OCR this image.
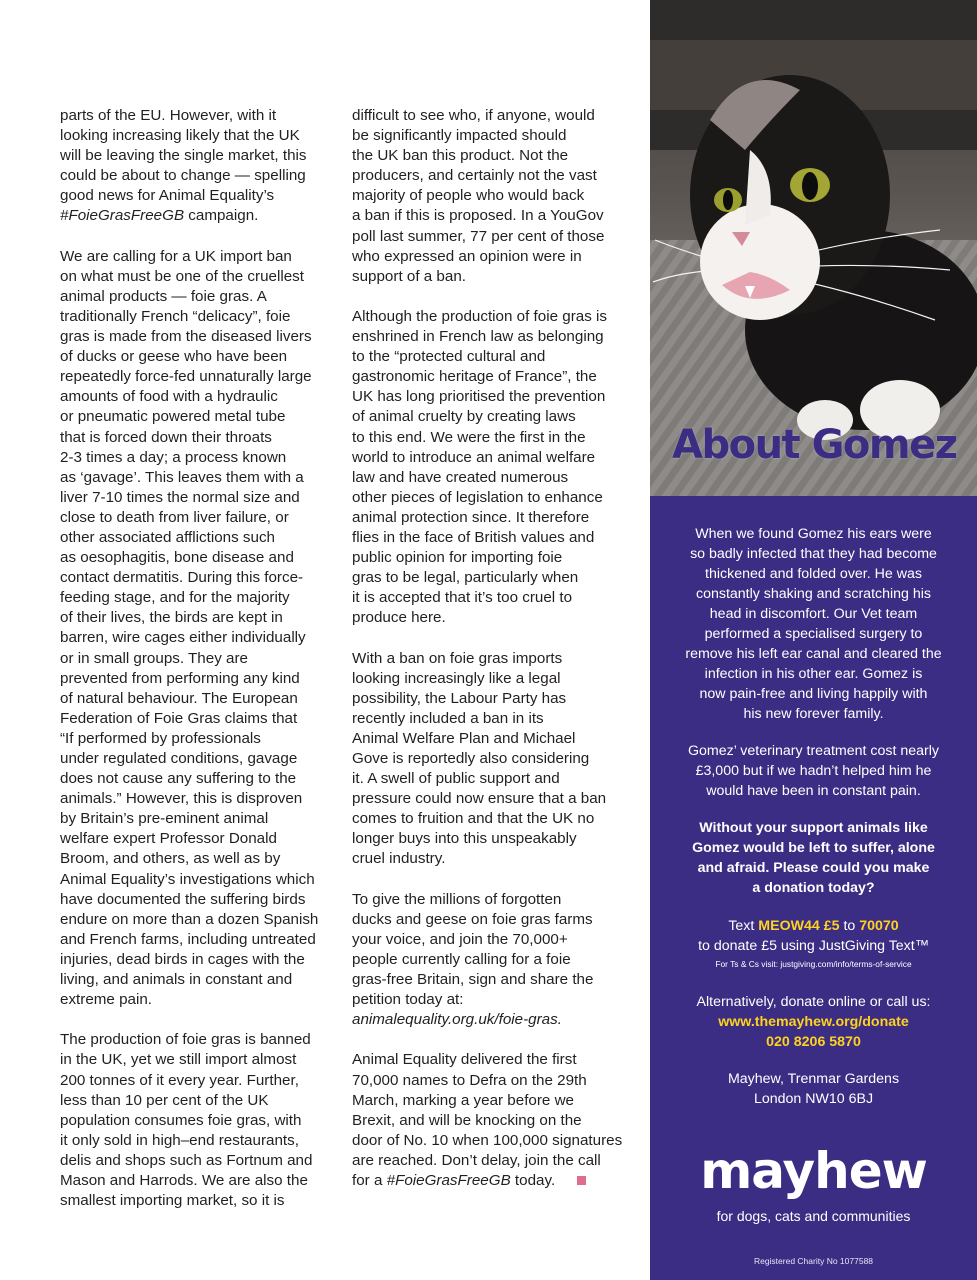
parts of the EU. However, with it
looking increasing likely that the UK
will be leaving the single market, this
could be about to change — spelling
good news for Animal Equality’s
#FoieGrasFreeGB campaign.

We are calling for a UK import ban
on what must be one of the cruellest
animal products — foie gras. A
traditionally French “delicacy”, foie
gras is made from the diseased livers
of ducks or geese who have been
repeatedly force-fed unnaturally large
amounts of food with a hydraulic
or pneumatic powered metal tube
that is forced down their throats
2-3 times a day; a process known
as ‘gavage’. This leaves them with a
liver 7-10 times the normal size and
close to death from liver failure, or
other associated afflictions such
as oesophagitis, bone disease and
contact dermatitis. During this force-
feeding stage, and for the majority
of their lives, the birds are kept in
barren, wire cages either individually
or in small groups. They are
prevented from performing any kind
of natural behaviour. The European
Federation of Foie Gras claims that
“If performed by professionals
under regulated conditions, gavage
does not cause any suffering to the
animals.” However, this is disproven
by Britain’s pre-eminent animal
welfare expert Professor Donald
Broom, and others, as well as by
Animal Equality’s investigations which
have documented the suffering birds
endure on more than a dozen Spanish
and French farms, including untreated
injuries, dead birds in cages with the
living, and animals in constant and
extreme pain.

The production of foie gras is banned
in the UK, yet we still import almost
200 tonnes of it every year. Further,
less than 10 per cent of the UK
population consumes foie gras, with
it only sold in high–end restaurants,
delis and shops such as Fortnum and
Mason and Harrods. We are also the
smallest importing market, so it is

difficult to see who, if anyone, would
be significantly impacted should
the UK ban this product. Not the
producers, and certainly not the vast
majority of people who would back
a ban if this is proposed. In a YouGov
poll last summer, 77 per cent of those
who expressed an opinion were in
support of a ban.

Although the production of foie gras is
enshrined in French law as belonging
to the “protected cultural and
gastronomic heritage of France”, the
UK has long prioritised the prevention
of animal cruelty by creating laws
to this end. We were the first in the
world to introduce an animal welfare
law and have created numerous
other pieces of legislation to enhance
animal protection since. It therefore
flies in the face of British values and
public opinion for importing foie
gras to be legal, particularly when
it is accepted that it’s too cruel to
produce here.

With a ban on foie gras imports
looking increasingly like a legal
possibility, the Labour Party has
recently included a ban in its
Animal Welfare Plan and Michael
Gove is reportedly also considering
it. A swell of public support and
pressure could now ensure that a ban
comes to fruition and that the UK no
longer buys into this unspeakably
cruel industry.

To give the millions of forgotten
ducks and geese on foie gras farms
your voice, and join the 70,000+
people currently calling for a foie
gras-free Britain, sign and share the
petition today at:
animalequality.org.uk/foie-gras.

Animal Equality delivered the first
70,000 names to Defra on the 29th
March, marking a year before we
Brexit, and will be knocking on the
door of No. 10 when 100,000 signatures
are reached. Don’t delay, join the call
for a #FoieGrasFreeGB today.

About Gomez
When we found Gomez his ears were
so badly infected that they had become
thickened and folded over. He was
constantly shaking and scratching his
head in discomfort. Our Vet team
performed a specialised surgery to
remove his left ear canal and cleared the
infection in his other ear. Gomez is
now pain-free and living happily with
his new forever family.
Gomez’ veterinary treatment cost nearly
£3,000 but if we hadn’t helped him he
would have been in constant pain.
Without your support animals like
Gomez would be left to suffer, alone
and afraid. Please could you make
a donation today?
Text MEOW44 £5 to 70070
to donate £5 using JustGiving Text™
For Ts & Cs visit: justgiving.com/info/terms-of-service
Alternatively, donate online or call us:
www.themayhew.org/donate
020 8206 5870
Mayhew, Trenmar Gardens
London NW10 6BJ
mayhew
for dogs, cats and communities
Registered Charity No 1077588
